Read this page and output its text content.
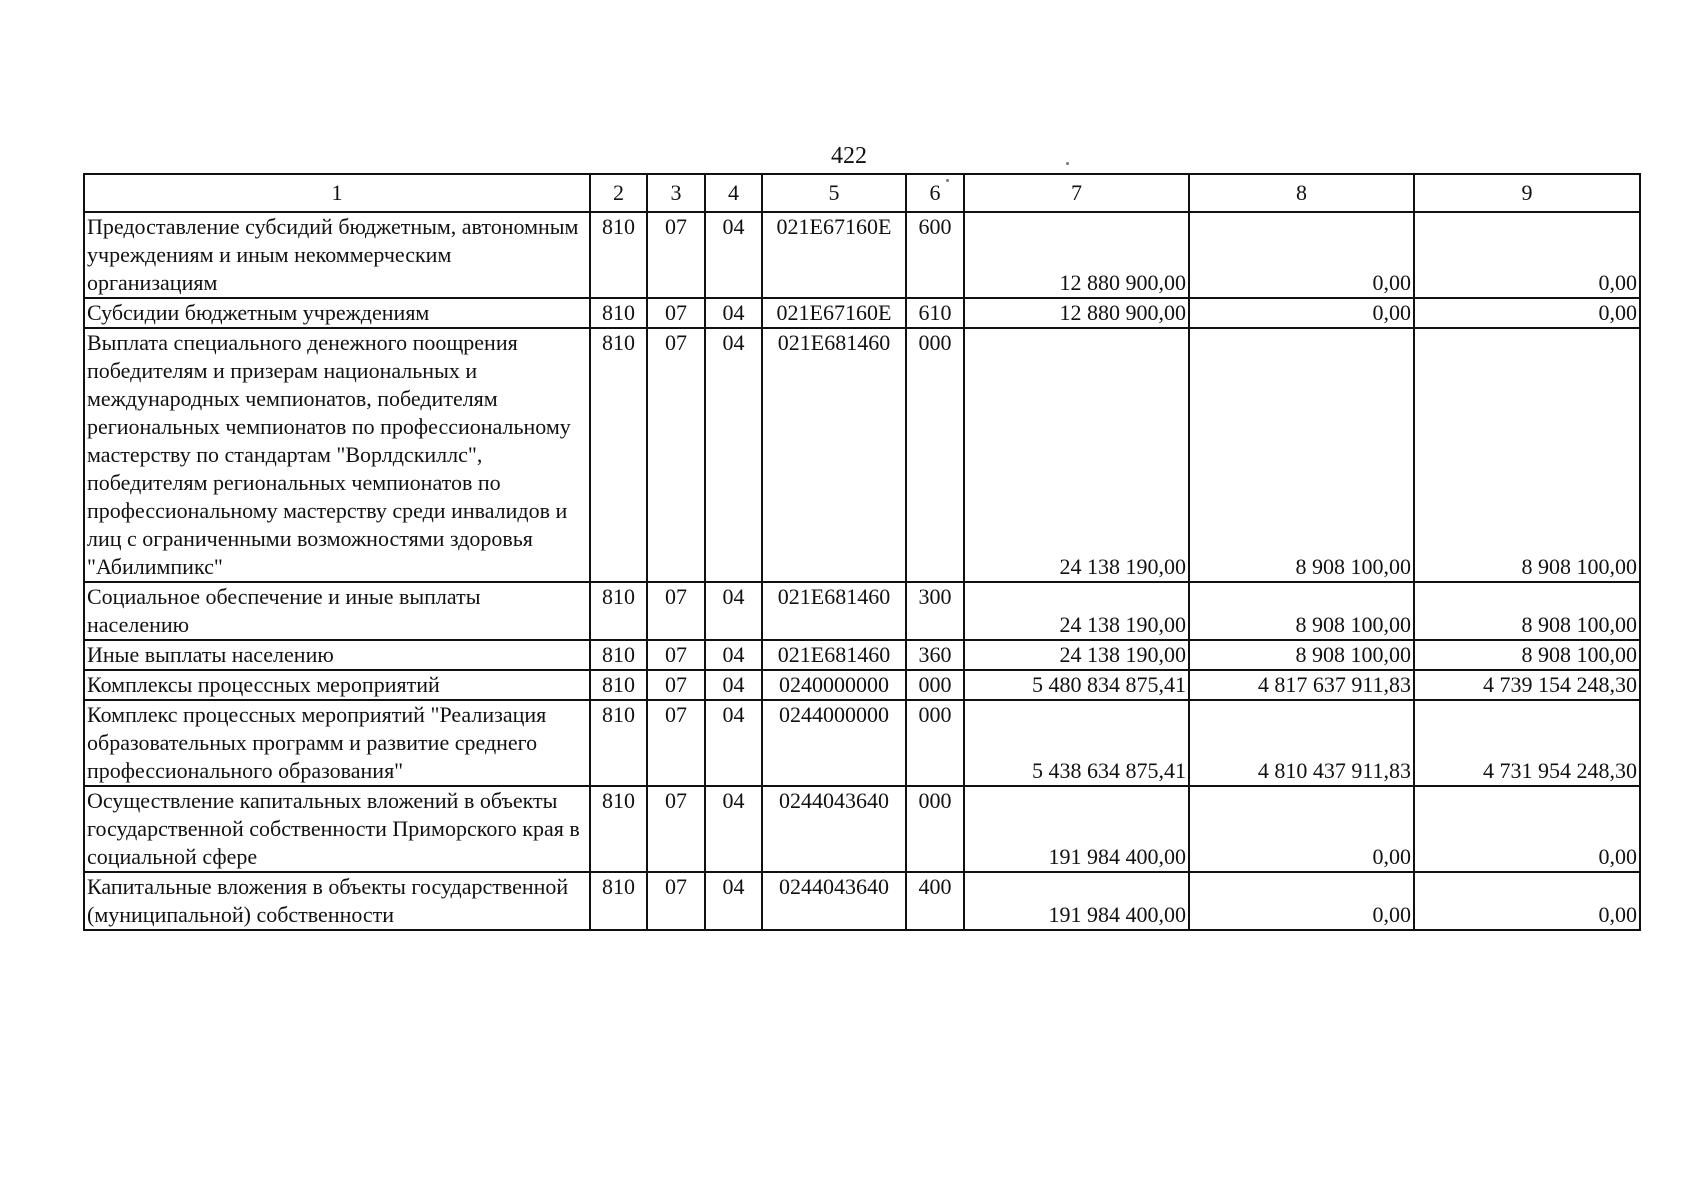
422
1	2	3	4	5	6	7	8	9
Предоставление субсидий бюджетным, автономным учреждениям и иным некоммерческим организациям	810	07	04	021E67160E	600	12 880 900,00	0,00	0,00
Субсидии бюджетным учреждениям	810	07	04	021E67160E	610	12 880 900,00	0,00	0,00
Выплата специального денежного поощрения победителям и призерам национальных и международных чемпионатов, победителям региональных чемпионатов по профессиональному мастерству по стандартам "Ворлдскиллс", победителям региональных чемпионатов по профессиональному мастерству среди инвалидов и лиц с ограниченными возможностями здоровья "Абилимпикс"	810	07	04	021E681460	000	24 138 190,00	8 908 100,00	8 908 100,00
Социальное обеспечение и иные выплаты населению	810	07	04	021E681460	300	24 138 190,00	8 908 100,00	8 908 100,00
Иные выплаты населению	810	07	04	021E681460	360	24 138 190,00	8 908 100,00	8 908 100,00
Комплексы процессных мероприятий	810	07	04	0240000000	000	5 480 834 875,41	4 817 637 911,83	4 739 154 248,30
Комплекс процессных мероприятий "Реализация образовательных программ и развитие среднего профессионального образования"	810	07	04	0244000000	000	5 438 634 875,41	4 810 437 911,83	4 731 954 248,30
Осуществление капитальных вложений в объекты государственной собственности Приморского края в социальной сфере	810	07	04	0244043640	000	191 984 400,00	0,00	0,00
Капитальные вложения в объекты государственной (муниципальной) собственности	810	07	04	0244043640	400	191 984 400,00	0,00	0,00
